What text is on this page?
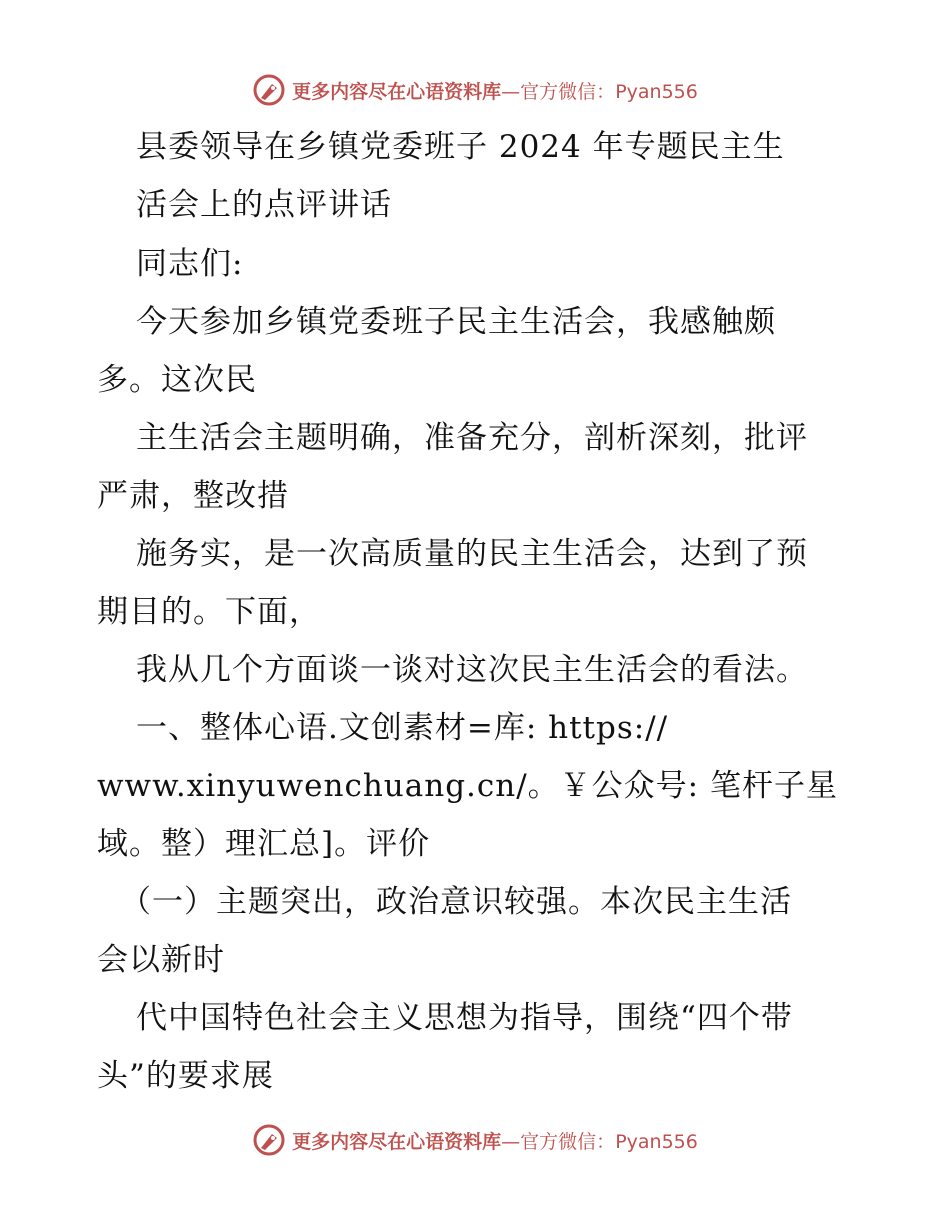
更多内容尽在心语资料库—官方微信：Pyan556
县委领导在乡镇党委班子 2024 年专题民主生
活会上的点评讲话
同志们:
今天参加乡镇党委班子民主生活会，我感触颇
多。这次民
主生活会主题明确，准备充分，剖析深刻，批评
严肃，整改措
施务实，是一次高质量的民主生活会，达到了预
期目的。下面，
我从几个方面谈一谈对这次民主生活会的看法。
一、整体心语.文创素材=库: https://
www.xinyuwenchuang.cn/。￥公众号: 笔杆子星
域。整）理汇总]。评价
（一）主题突出，政治意识较强。本次民主生活
会以新时
代中国特色社会主义思想为指导，围绕“四个带
头”的要求展
更多内容尽在心语资料库—官方微信：Pyan556
